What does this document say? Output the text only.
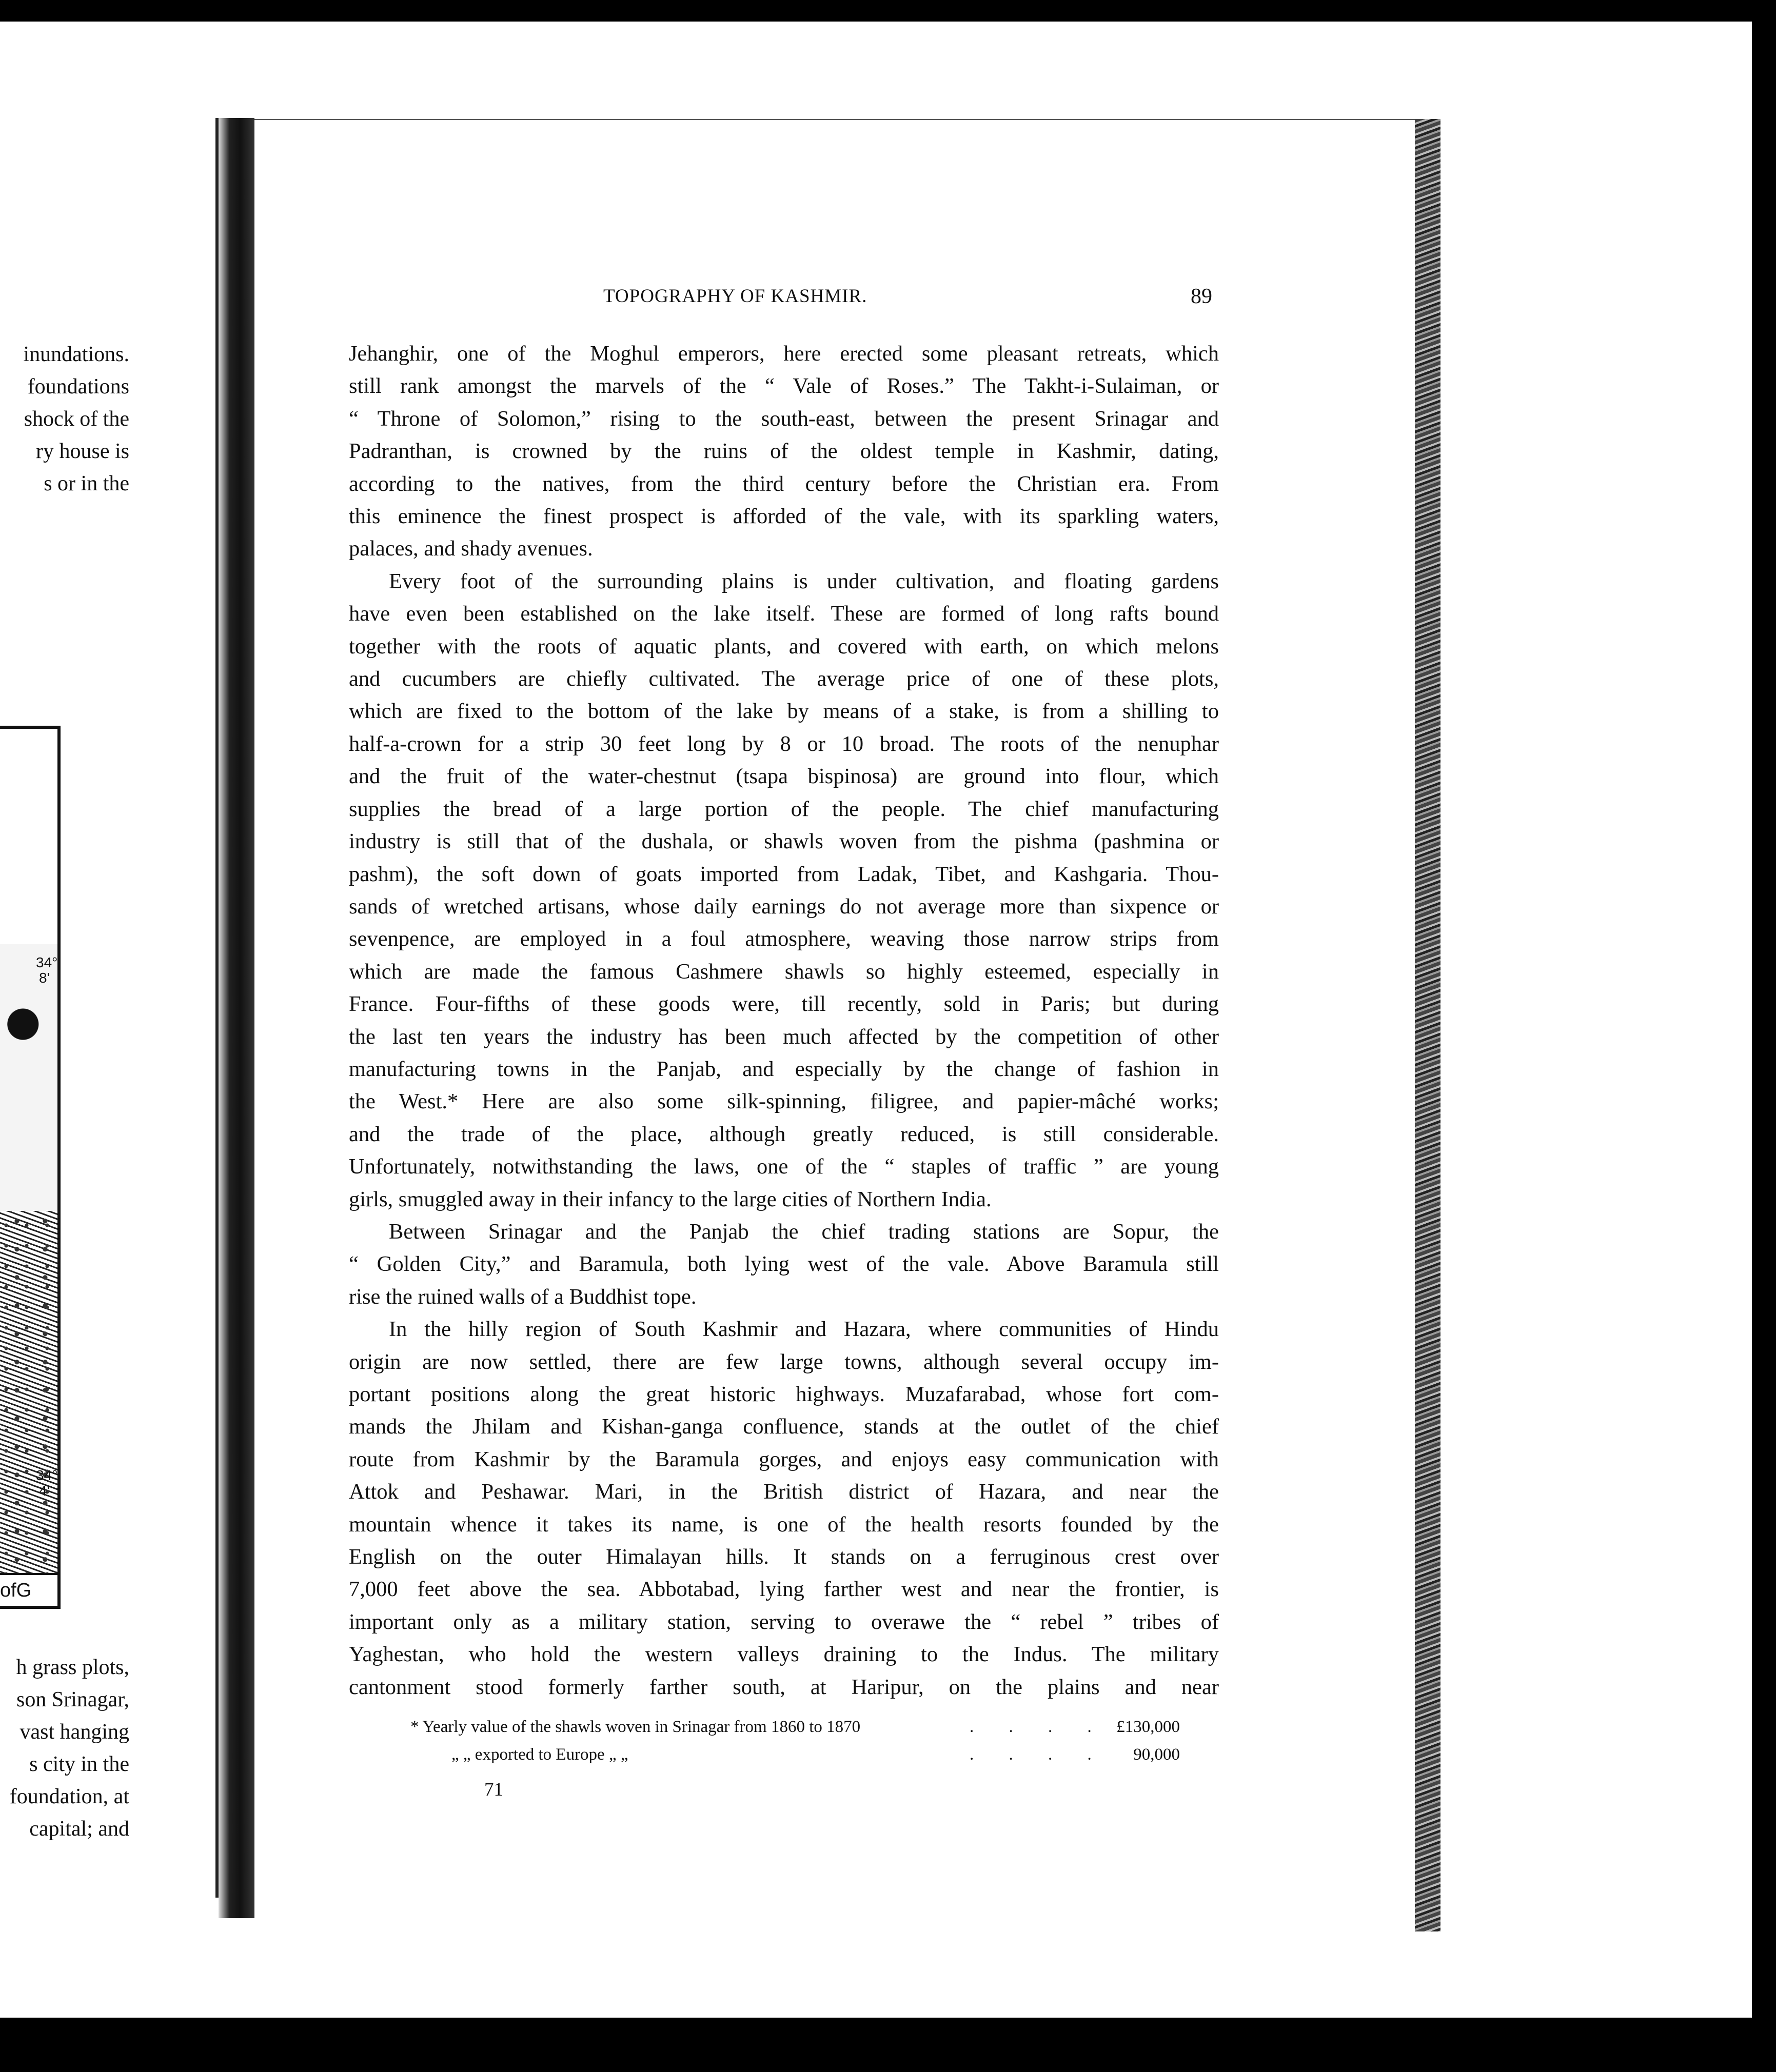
inundations.
foundations
shock of the
ry house is
s or in the
34°
8'
34°
4'
ofG
h grass plots,
son Srinagar,
vast hanging
s city in the
foundation, at
capital; and
TOPOGRAPHY OF KASHMIR.	89
Jehanghir, one of the Moghul emperors, here erected some pleasant retreats, which
still rank amongst the marvels of the “ Vale of Roses.” The Takht-i-Sulaiman, or
“ Throne of Solomon,” rising to the south-east, between the present Srinagar and
Padranthan, is crowned by the ruins of the oldest temple in Kashmir, dating,
according to the natives, from the third century before the Christian era. From
this eminence the finest prospect is afforded of the vale, with its sparkling waters,
palaces, and shady avenues.
Every foot of the surrounding plains is under cultivation, and floating gardens
have even been established on the lake itself. These are formed of long rafts bound
together with the roots of aquatic plants, and covered with earth, on which melons
and cucumbers are chiefly cultivated. The average price of one of these plots,
which are fixed to the bottom of the lake by means of a stake, is from a shilling to
half-a-crown for a strip 30 feet long by 8 or 10 broad. The roots of the nenuphar
and the fruit of the water-chestnut (tsapa bispinosa) are ground into flour, which
supplies the bread of a large portion of the people. The chief manufacturing
industry is still that of the dushala, or shawls woven from the pishma (pashmina or
pashm), the soft down of goats imported from Ladak, Tibet, and Kashgaria. Thou-
sands of wretched artisans, whose daily earnings do not average more than sixpence or
sevenpence, are employed in a foul atmosphere, weaving those narrow strips from
which are made the famous Cashmere shawls so highly esteemed, especially in
France. Four-fifths of these goods were, till recently, sold in Paris; but during
the last ten years the industry has been much affected by the competition of other
manufacturing towns in the Panjab, and especially by the change of fashion in
the West.* Here are also some silk-spinning, filigree, and papier-mâché works;
and the trade of the place, although greatly reduced, is still considerable.
Unfortunately, notwithstanding the laws, one of the “ staples of traffic ” are young
girls, smuggled away in their infancy to the large cities of Northern India.
Between Srinagar and the Panjab the chief trading stations are Sopur, the
“ Golden City,” and Baramula, both lying west of the vale. Above Baramula still
rise the ruined walls of a Buddhist tope.
In the hilly region of South Kashmir and Hazara, where communities of Hindu
origin are now settled, there are few large towns, although several occupy im-
portant positions along the great historic highways. Muzafarabad, whose fort com-
mands the Jhilam and Kishan-ganga confluence, stands at the outlet of the chief
route from Kashmir by the Baramula gorges, and enjoys easy communication with
Attok and Peshawar. Mari, in the British district of Hazara, and near the
mountain whence it takes its name, is one of the health resorts founded by the
English on the outer Himalayan hills. It stands on a ferruginous crest over
7,000 feet above the sea. Abbotabad, lying farther west and near the frontier, is
important only as a military station, serving to overawe the “ rebel ” tribes of
Yaghestan, who hold the western valleys draining to the Indus. The military
cantonment stood formerly farther south, at Haripur, on the plains and near
* Yearly value of the shawls woven in Srinagar from 1860 to 1870	. . . . £130,000
„ „ exported to Europe „ „	. . . .	90,000
71
